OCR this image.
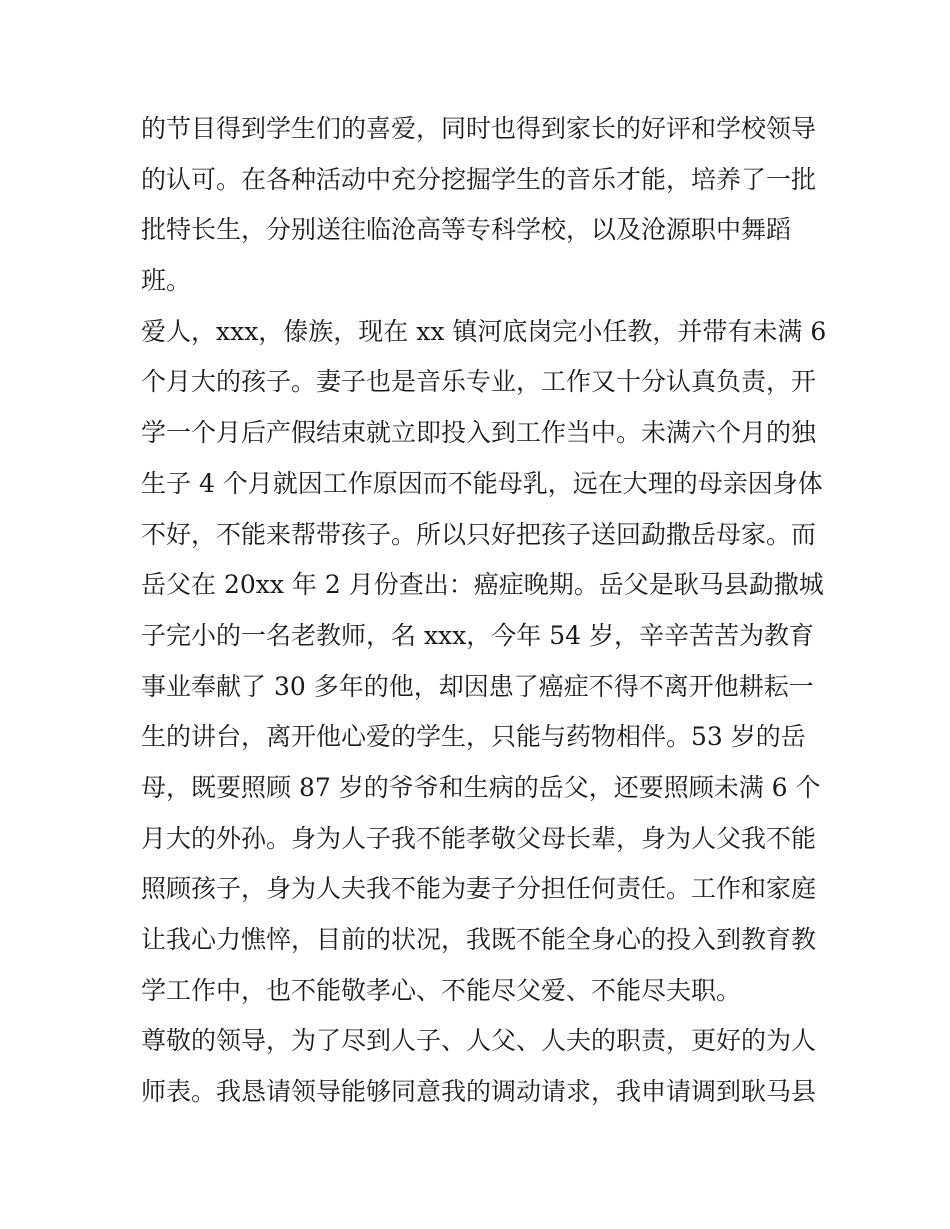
的节目得到学生们的喜爱，同时也得到家长的好评和学校领导
的认可。在各种活动中充分挖掘学生的音乐才能，培养了一批
批特长生，分别送往临沧高等专科学校，以及沧源职中舞蹈
班。
爱人，xxx，傣族，现在 xx 镇河底岗完小任教，并带有未满 6
个月大的孩子。妻子也是音乐专业，工作又十分认真负责，开
学一个月后产假结束就立即投入到工作当中。未满六个月的独
生子 4 个月就因工作原因而不能母乳，远在大理的母亲因身体
不好，不能来帮带孩子。所以只好把孩子送回勐撒岳母家。而
岳父在 20xx 年 2 月份查出：癌症晚期。岳父是耿马县勐撒城
子完小的一名老教师，名 xxx，今年 54 岁，辛辛苦苦为教育
事业奉献了 30 多年的他，却因患了癌症不得不离开他耕耘一
生的讲台，离开他心爱的学生，只能与药物相伴。53 岁的岳
母，既要照顾 87 岁的爷爷和生病的岳父，还要照顾未满 6 个
月大的外孙。身为人子我不能孝敬父母长辈，身为人父我不能
照顾孩子，身为人夫我不能为妻子分担任何责任。工作和家庭
让我心力憔悴，目前的状况，我既不能全身心的投入到教育教
学工作中，也不能敬孝心、不能尽父爱、不能尽夫职。
尊敬的领导，为了尽到人子、人父、人夫的职责，更好的为人
师表。我恳请领导能够同意我的调动请求，我申请调到耿马县
